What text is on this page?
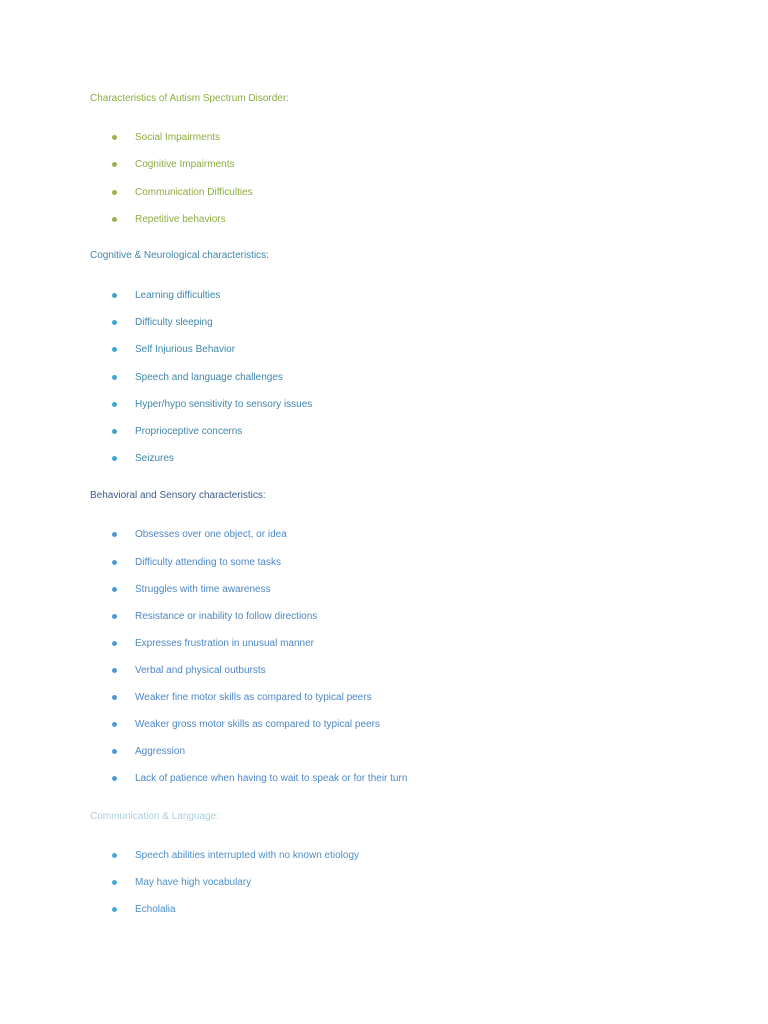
Characteristics of Autism Spectrum Disorder:
Social Impairments
Cognitive Impairments
Communication Difficulties
Repetitive behaviors
Cognitive & Neurological characteristics:
Learning difficulties
Difficulty sleeping
Self Injurious Behavior
Speech and language challenges
Hyper/hypo sensitivity to sensory issues
Proprioceptive concerns
Seizures
Behavioral and Sensory characteristics:
Obsesses over one object, or idea
Difficulty attending to some tasks
Struggles with time awareness
Resistance or inability to follow directions
Expresses frustration in unusual manner
Verbal and physical outbursts
Weaker fine motor skills as compared to typical peers
Weaker gross motor skills as compared to typical peers
Aggression
Lack of patience when having to wait to speak or for their turn
Communication & Language:
Speech abilities interrupted with no known etiology
May have high vocabulary
Echolalia
